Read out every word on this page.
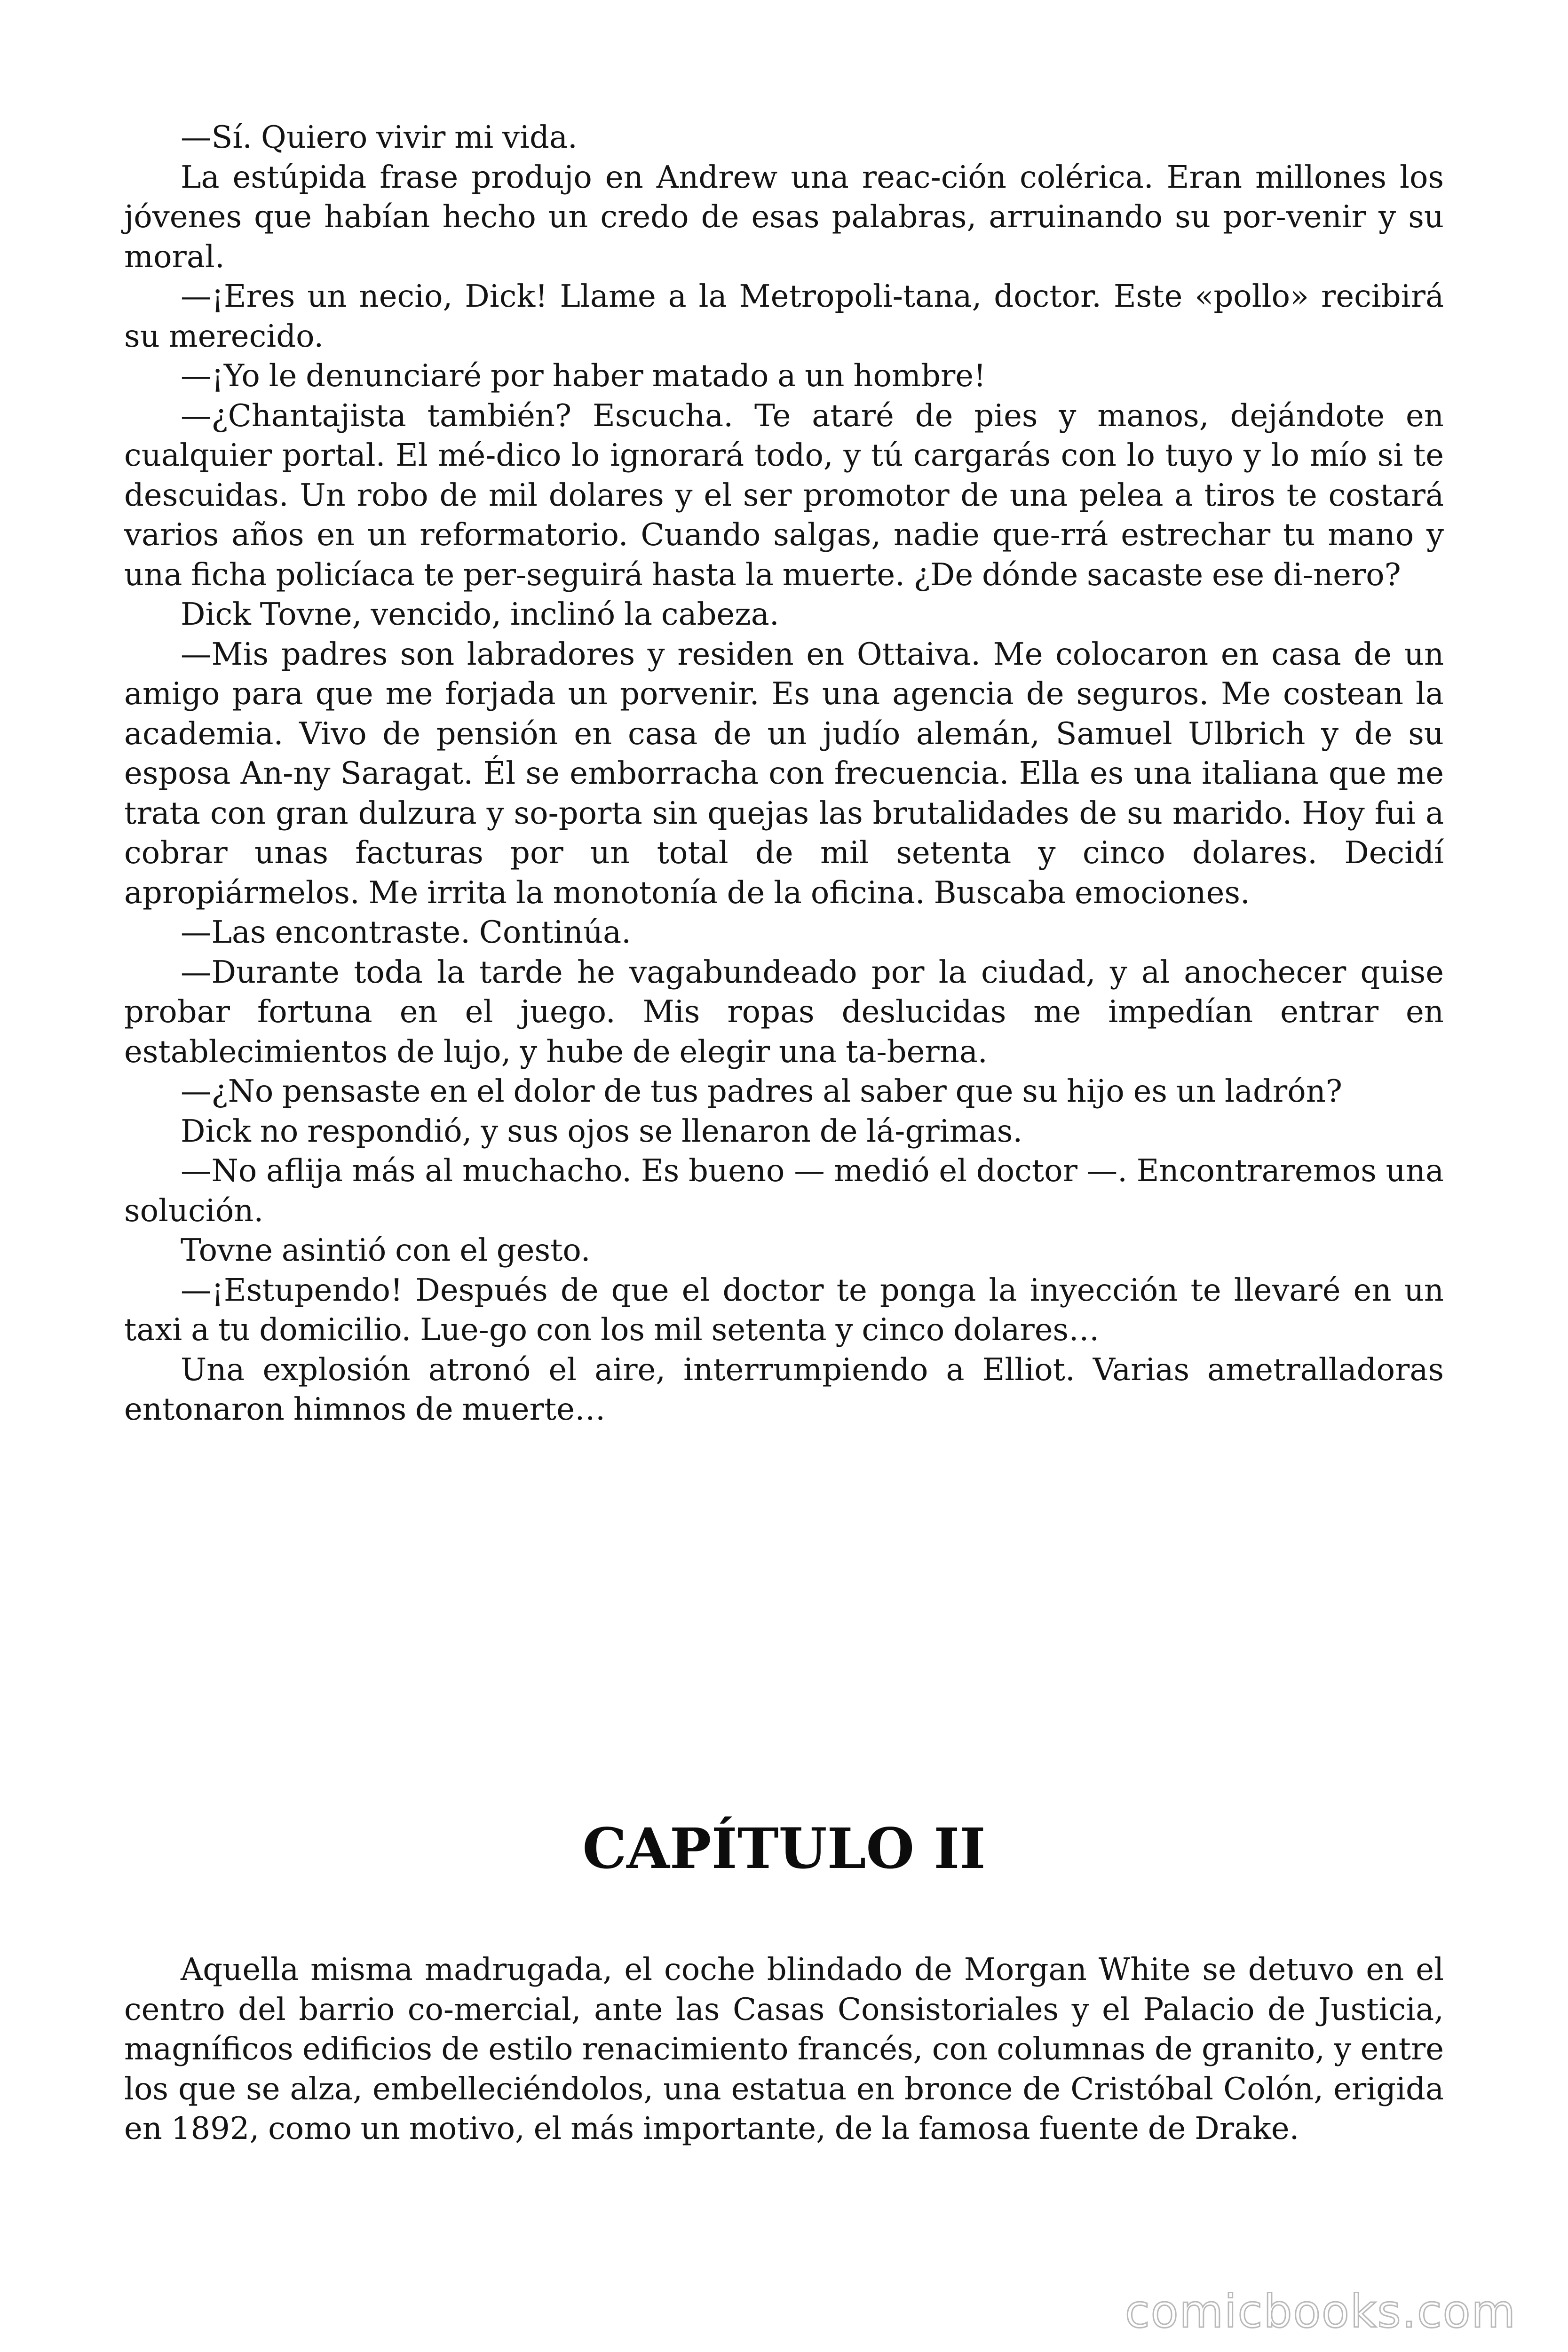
—Sí. Quiero vivir mi vida.

La estúpida frase produjo en Andrew una reac-ción colérica. Eran millones los jóvenes que habían hecho un credo de esas palabras, arruinando su por-venir y su moral.

—¡Eres un necio, Dick! Llame a la Metropoli-tana, doctor. Este «pollo» recibirá su merecido.

—¡Yo le denunciaré por haber matado a un hombre!

—¿Chantajista también? Escucha. Te ataré de pies y manos, dejándote en cualquier portal. El mé-dico lo ignorará todo, y tú cargarás con lo tuyo y lo mío si te descuidas. Un robo de mil dolares y el ser promotor de una pelea a tiros te costará varios años en un reformatorio. Cuando salgas, nadie que-rrá estrechar tu mano y una ficha policíaca te per-seguirá hasta la muerte. ¿De dónde sacaste ese di-nero?

Dick Tovne, vencido, inclinó la cabeza.

—Mis padres son labradores y residen en Ottaiva. Me colocaron en casa de un amigo para que me forjada un porvenir. Es una agencia de seguros. Me costean la academia. Vivo de pensión en casa de un judío alemán, Samuel Ulbrich y de su esposa An-ny Saragat. Él se emborracha con frecuencia. Ella es una italiana que me trata con gran dulzura y so-porta sin quejas las brutalidades de su marido. Hoy fui a cobrar unas facturas por un total de mil setenta y cinco dolares. Decidí apropiármelos. Me irrita la monotonía de la oficina. Buscaba emociones.

—Las encontraste. Continúa.

—Durante toda la tarde he vagabundeado por la ciudad, y al anochecer quise probar fortuna en el juego. Mis ropas deslucidas me impedían entrar en establecimientos de lujo, y hube de elegir una ta-berna.

—¿No pensaste en el dolor de tus padres al saber que su hijo es un ladrón?

Dick no respondió, y sus ojos se llenaron de lá-grimas.

—No aflija más al muchacho. Es bueno — medió el doctor —. Encontraremos una solución.

Tovne asintió con el gesto.

—¡Estupendo! Después de que el doctor te ponga la inyección te llevaré en un taxi a tu domicilio. Lue-go con los mil setenta y cinco dolares…

Una explosión atronó el aire, interrumpiendo a Elliot. Varias ametralladoras entonaron himnos de muerte…

CAPÍTULO II

Aquella misma madrugada, el coche blindado de Morgan White se detuvo en el centro del barrio co-mercial, ante las Casas Consistoriales y el Palacio de Justicia, magníficos edificios de estilo renacimiento francés, con columnas de granito, y entre los que se alza, embelleciéndolos, una estatua en bronce de Cristóbal Colón, erigida en 1892, como un motivo, el más importante, de la famosa fuente de Drake.

comicbooks.com
